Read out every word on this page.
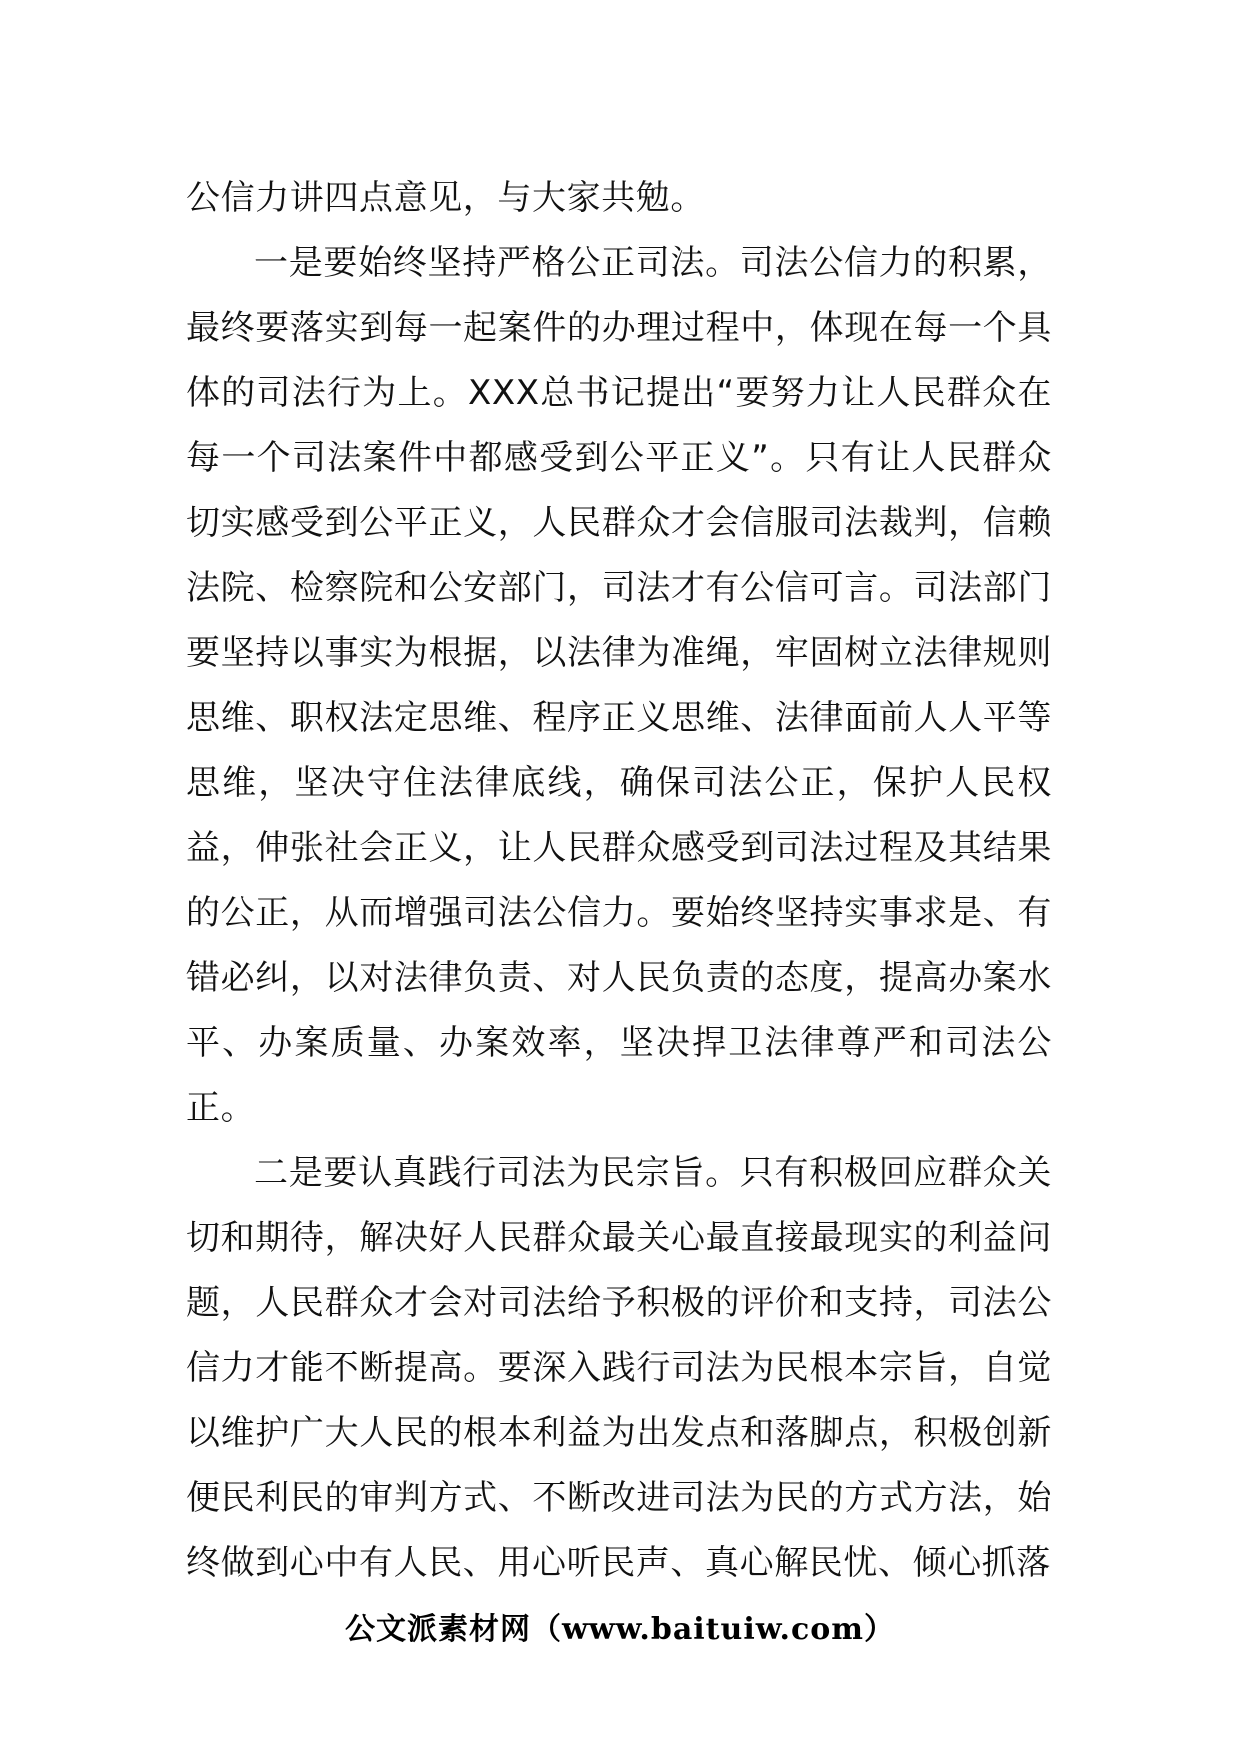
公信力讲四点意见，与大家共勉。

一是要始终坚持严格公正司法。司法公信力的积累，最终要落实到每一起案件的办理过程中，体现在每一个具体的司法行为上。XXX总书记提出“要努力让人民群众在每一个司法案件中都感受到公平正义”。只有让人民群众切实感受到公平正义，人民群众才会信服司法裁判，信赖法院、检察院和公安部门，司法才有公信可言。司法部门要坚持以事实为根据，以法律为准绳，牢固树立法律规则思维、职权法定思维、程序正义思维、法律面前人人平等思维，坚决守住法律底线，确保司法公正，保护人民权益，伸张社会正义，让人民群众感受到司法过程及其结果的公正，从而增强司法公信力。要始终坚持实事求是、有错必纠，以对法律负责、对人民负责的态度，提高办案水平、办案质量、办案效率，坚决捍卫法律尊严和司法公正。

二是要认真践行司法为民宗旨。只有积极回应群众关切和期待，解决好人民群众最关心最直接最现实的利益问题，人民群众才会对司法给予积极的评价和支持，司法公信力才能不断提高。要深入践行司法为民根本宗旨，自觉以维护广大人民的根本利益为出发点和落脚点，积极创新便民利民的审判方式、不断改进司法为民的方式方法，始终做到心中有人民、用心听民声、真心解民忧、倾心抓落

公文派素材网（www.baituiw.com）
